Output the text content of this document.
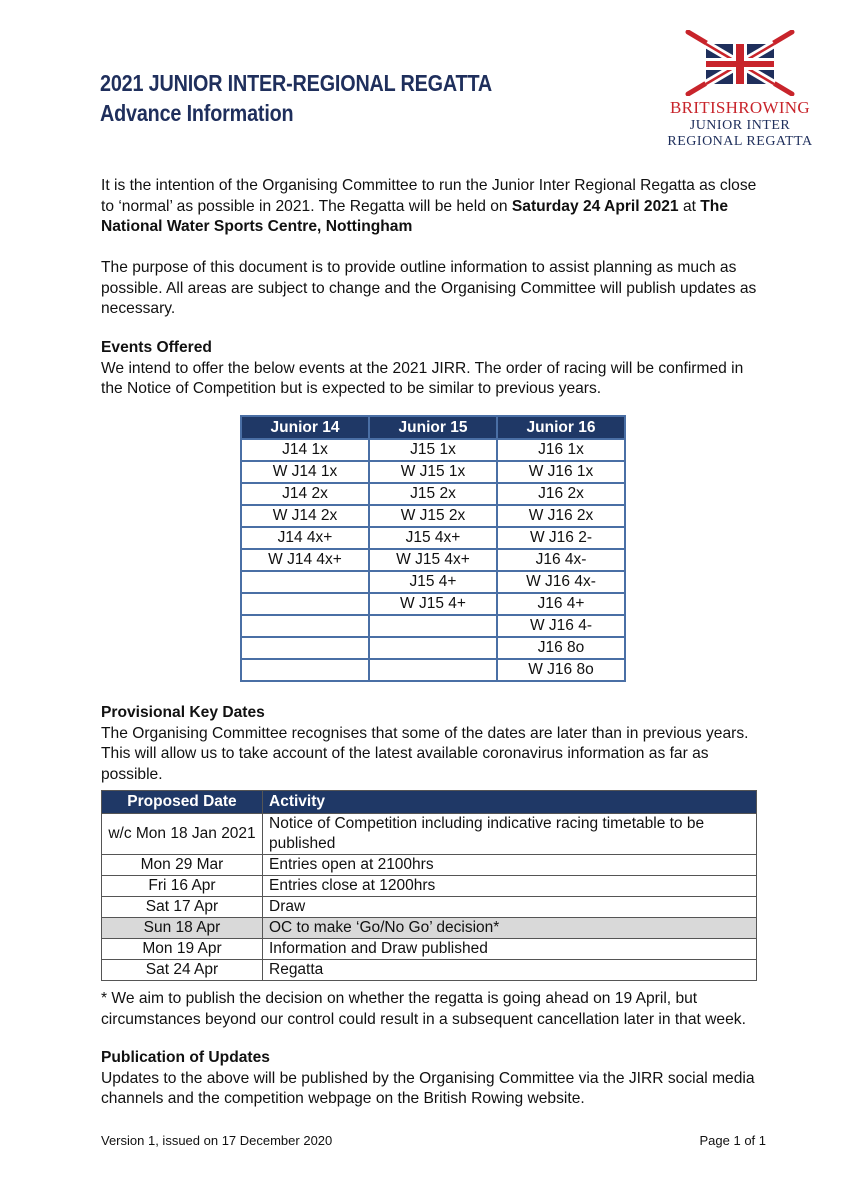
2021 JUNIOR INTER-REGIONAL REGATTA
Advance Information	BRITISHROWING
JUNIOR INTER
REGIONAL REGATTA
It is the intention of the Organising Committee to run the Junior Inter Regional Regatta as close to ‘normal’ as possible in 2021. The Regatta will be held on Saturday 24 April 2021 at The National Water Sports Centre, Nottingham
The purpose of this document is to provide outline information to assist planning as much as possible. All areas are subject to change and the Organising Committee will publish updates as necessary.
Events Offered
We intend to offer the below events at the 2021 JIRR. The order of racing will be confirmed in the Notice of Competition but is expected to be similar to previous years.
Junior 14	Junior 15	Junior 16
J14 1x	J15 1x	J16 1x
W J14 1x	W J15 1x	W J16 1x
J14 2x	J15 2x	J16 2x
W J14 2x	W J15 2x	W J16 2x
J14 4x+	J15 4x+	W J16 2-
W J14 4x+	W J15 4x+	J16 4x-
	J15 4+	W J16 4x-
	W J15 4+	J16 4+
		W J16 4-
		J16 8o
		W J16 8o
Provisional Key Dates
The Organising Committee recognises that some of the dates are later than in previous years. This will allow us to take account of the latest available coronavirus information as far as possible.
Proposed Date	Activity
w/c Mon 18 Jan 2021	Notice of Competition including indicative racing timetable to be published
Mon 29 Mar	Entries open at 2100hrs
Fri 16 Apr	Entries close at 1200hrs
Sat 17 Apr	Draw
Sun 18 Apr	OC to make ‘Go/No Go’ decision*
Mon 19 Apr	Information and Draw published
Sat 24 Apr	Regatta
* We aim to publish the decision on whether the regatta is going ahead on 19 April, but circumstances beyond our control could result in a subsequent cancellation later in that week.
Publication of Updates
Updates to the above will be published by the Organising Committee via the JIRR social media channels and the competition webpage on the British Rowing website.
Version 1, issued on 17 December 2020	Page 1 of 1
